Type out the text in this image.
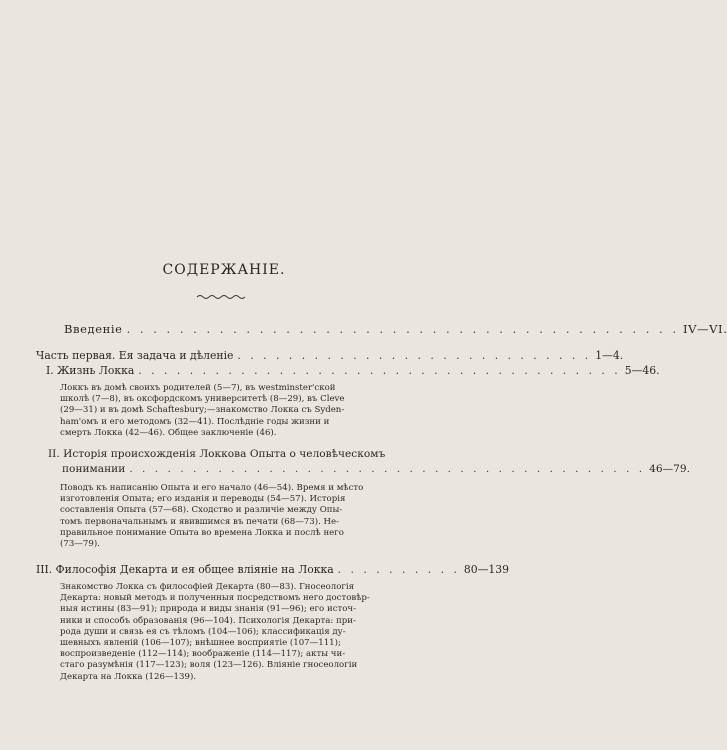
СОДЕРЖАНIЕ.
Введенiе . . . . . . . . . . . . . . . . . . . . . . . . . . . . . . . . . . . . . . . . . . IV—VI.
Часть первая. Ея задача и дѣленiе . . . . . . . . . . . . . . . . . . . . . . . . . . . . 1—4.
I. Жизнь Локка . . . . . . . . . . . . . . . . . . . . . . . . . . . . . . . . . . . . . . 5—46.
Локкъ въ домѣ своихъ родителей (5—7), въ westminster'ской
школѣ (7—8), въ оксфордскомъ университетѣ (8—29), въ Cleve
(29—31) и въ домѣ Schaftesbury;—знакомство Локка съ Syden-
ham'омъ и его методомъ (32—41). Послѣднiе годы жизни и
смерть Локка (42—46). Общее заключенiе (46).
II. Исторiя происхожденiя Локкова Опыта о человѣческомъ
понимании . . . . . . . . . . . . . . . . . . . . . . . . . . . . . . . . . . . . . . . . . 46—79.
Поводъ къ написанiю Опыта и его начало (46—54). Время и мѣсто
изготовленiя Опыта; его изданiя и переводы (54—57). Исторiя
составленiя Опыта (57—68). Сходство и различiе между Опы-
томъ первоначальнымъ и явившимся въ печати (68—73). Не-
правильное понимание Опыта во времена Локка и послѣ него
(73—79).
III. Философiя Декарта и ея общее влiянiе на Локка . . . . . . . . . . 80—139
Знакомство Локка съ философiей Декарта (80—83). Гносеологiя
Декарта: новый методъ и полученныя посредствомъ него достовѣр-
ныя истины (83—91); природа и виды знанiя (91—96); его источ-
ники и способъ образованiя (96—104). Психологiя Декарта: при-
рода души и связь ея съ тѣломъ (104—106); классификацiя ду-
шевныхъ явленiй (106—107); внѣшнее восприятiе (107—111);
воспроизведенiе (112—114); воображенiе (114—117); акты чи-
стаго разумѣнiя (117—123); воля (123—126). Влiянiе гносеологiи
Декарта на Локка (126—139).
